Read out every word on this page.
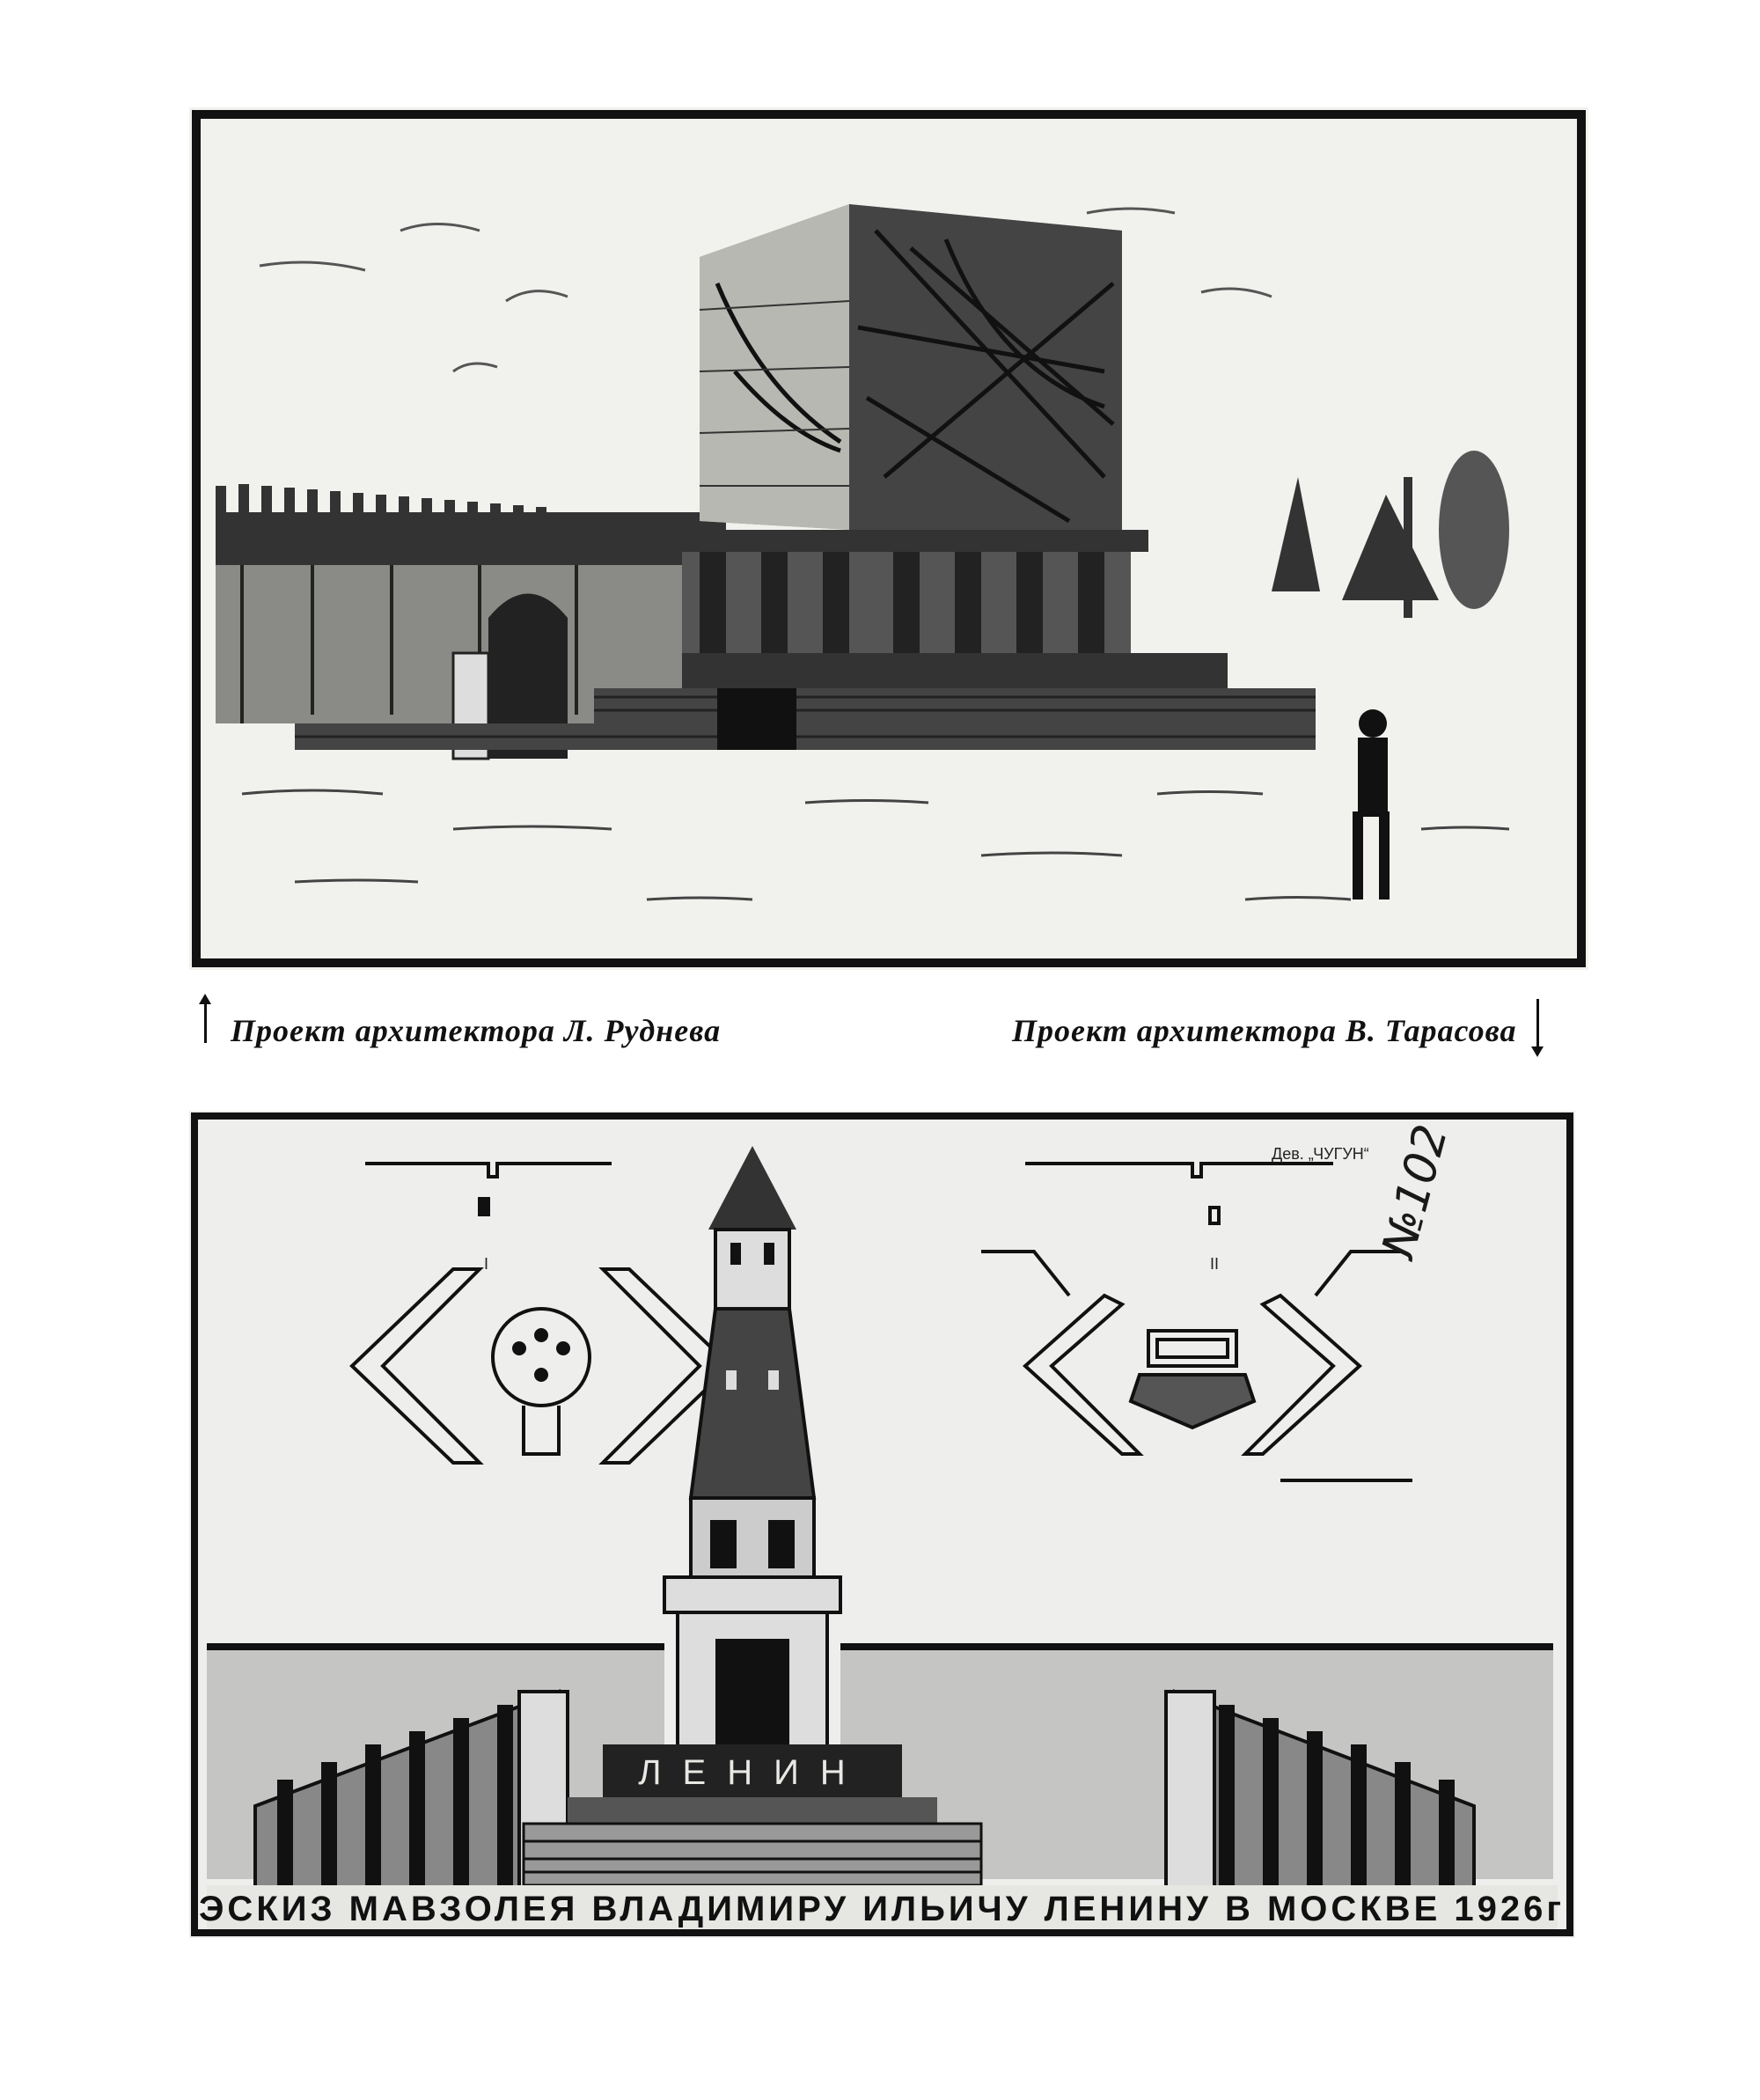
Проект архитектора Л. Руднева	Проект архитектора В. Тарасова
ЛЕНИН
I	II
Дев. „ЧУГУН“ №102
ЭСКИЗ МАВЗОЛЕЯ ВЛАДИМИРУ ИЛЬИЧУ ЛЕНИНУ В МОСКВЕ 1926г
